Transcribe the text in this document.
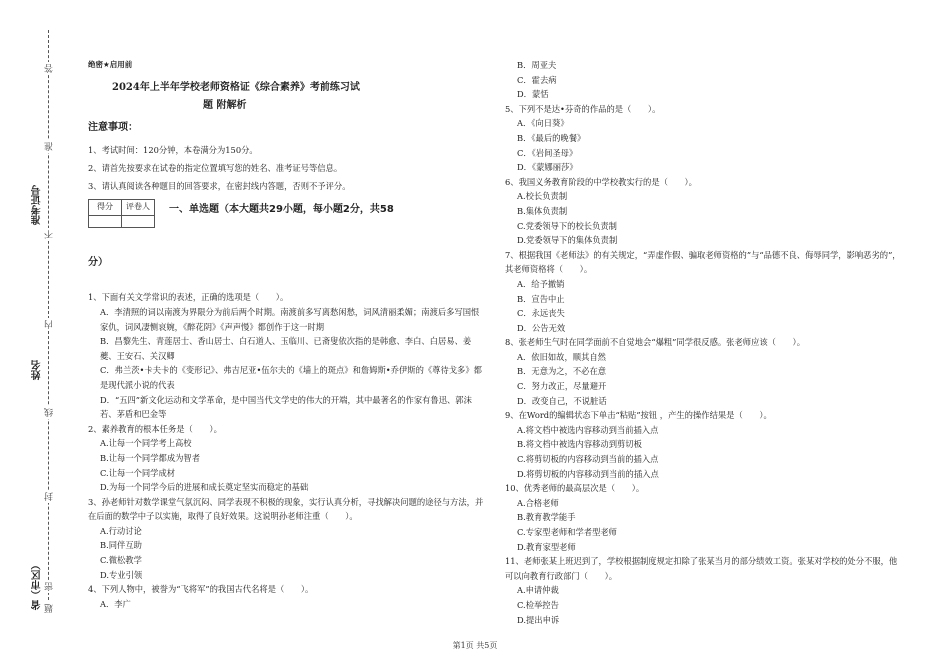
准考证号
姓名
省（市区）
答
准
不
内
线
封
密
题
绝密★启用前
2024年上半年学校老师资格证《综合素养》考前练习试
题 附解析
注意事项：
1、考试时间：120分钟，本卷满分为150分。
2、请首先按要求在试卷的指定位置填写您的姓名、准考证号等信息。
3、请认真阅读各种题目的回答要求，在密封线内答题，否则不予评分。
得分	评卷人
	一、单选题（本大题共29小题，每小题2分，共58
分）
1、下面有关文学常识的表述，正确的选项是（　　）。
A．李清照的词以南渡为界限分为前后两个时期。南渡前多写离愁闲愁，词风清丽柔媚；南渡后多写国恨家仇，词风凄恻哀婉，《醉花阴》《声声慢》都创作于这一时期
B．昌黎先生、青莲居士、香山居士、白石道人、玉临川、已斋叟依次指的是韩愈、李白、白居易、姜夔、王安石、关汉卿
C．弗兰茨•卡夫卡的《变形记》、弗吉尼亚•伍尔夫的《墙上的斑点》和詹姆斯•乔伊斯的《尊待戈多》都是现代派小说的代表
D．“五四”新文化运动和文学革命，是中国当代文学史的伟大的开端，其中最著名的作家有鲁迅、郭沫若、茅盾和巴金等
2、素养教育的根本任务是（　　）。
A.让每一个同学考上高校
B.让每一个同学都成为智者
C.让每一个同学成材
D.为每一个同学今后的进展和成长奠定坚实而稳定的基础
3、孙老师针对数学课堂气氛沉闷、同学表现不积极的现象，实行认真分析，寻找解决问题的途径与方法，并在后面的数学中子以实施，取得了良好效果。这说明孙老师注重（　　）。
A.行动讨论
B.同伴互助
C.微松教学
D.专业引领
4、下列人物中，被誉为“飞将军”的我国古代名将是（　　）。
A．李广
B．周亚夫
C．霍去病
D．蒙恬
5、下列不是达•芬奇的作品的是（　　）。
A．《向日葵》
B．《最后的晚餐》
C．《岩间圣母》
D．《蒙娜丽莎》
6、我国义务教育阶段的中学校教实行的是（　　）。
A.校长负责制
B.集体负责制
C.党委领导下的校长负责制
D.党委领导下的集体负责制
7、根据我国《老师法》的有关规定，“弄虚作假、骗取老师资格的”与“品德不良、侮辱同学，影响恶劣的”，其老师资格将（　　）。
A．给予撤销
B．宣告中止
C．永远丧失
D．公告无效
8、张老师生气时在同学面前不自觉地会“爆粗”同学很反感。张老师应该（　　）。
A．依旧如故，顺其自然
B．无意为之，不必在意
C．努力改正，尽量避开
D．改变自己，不说脏话
9、在Word的编辑状态下单击“粘贴”按钮 ，产生的操作结果是（　　）。
A.将文档中被选内容移动到当前插入点
B.将文档中被选内容移动到剪切板
C.将剪切板的内容移动到当前的插入点
D.将剪切板的内容移动到当前的插入点
10、优秀老师的最高层次是（　　）。
A.合格老师
B.教育教学能手
C.专家型老师和学者型老师
D.教育家型老师
11、老师张某上班迟到了，学校根据制度规定扣除了张某当月的部分绩效工资。张某对学校的处分不服，他可以向教育行政部门（　　）。
A.申请仲裁
C.检举控告
D.提出申诉
第1页 共5页
